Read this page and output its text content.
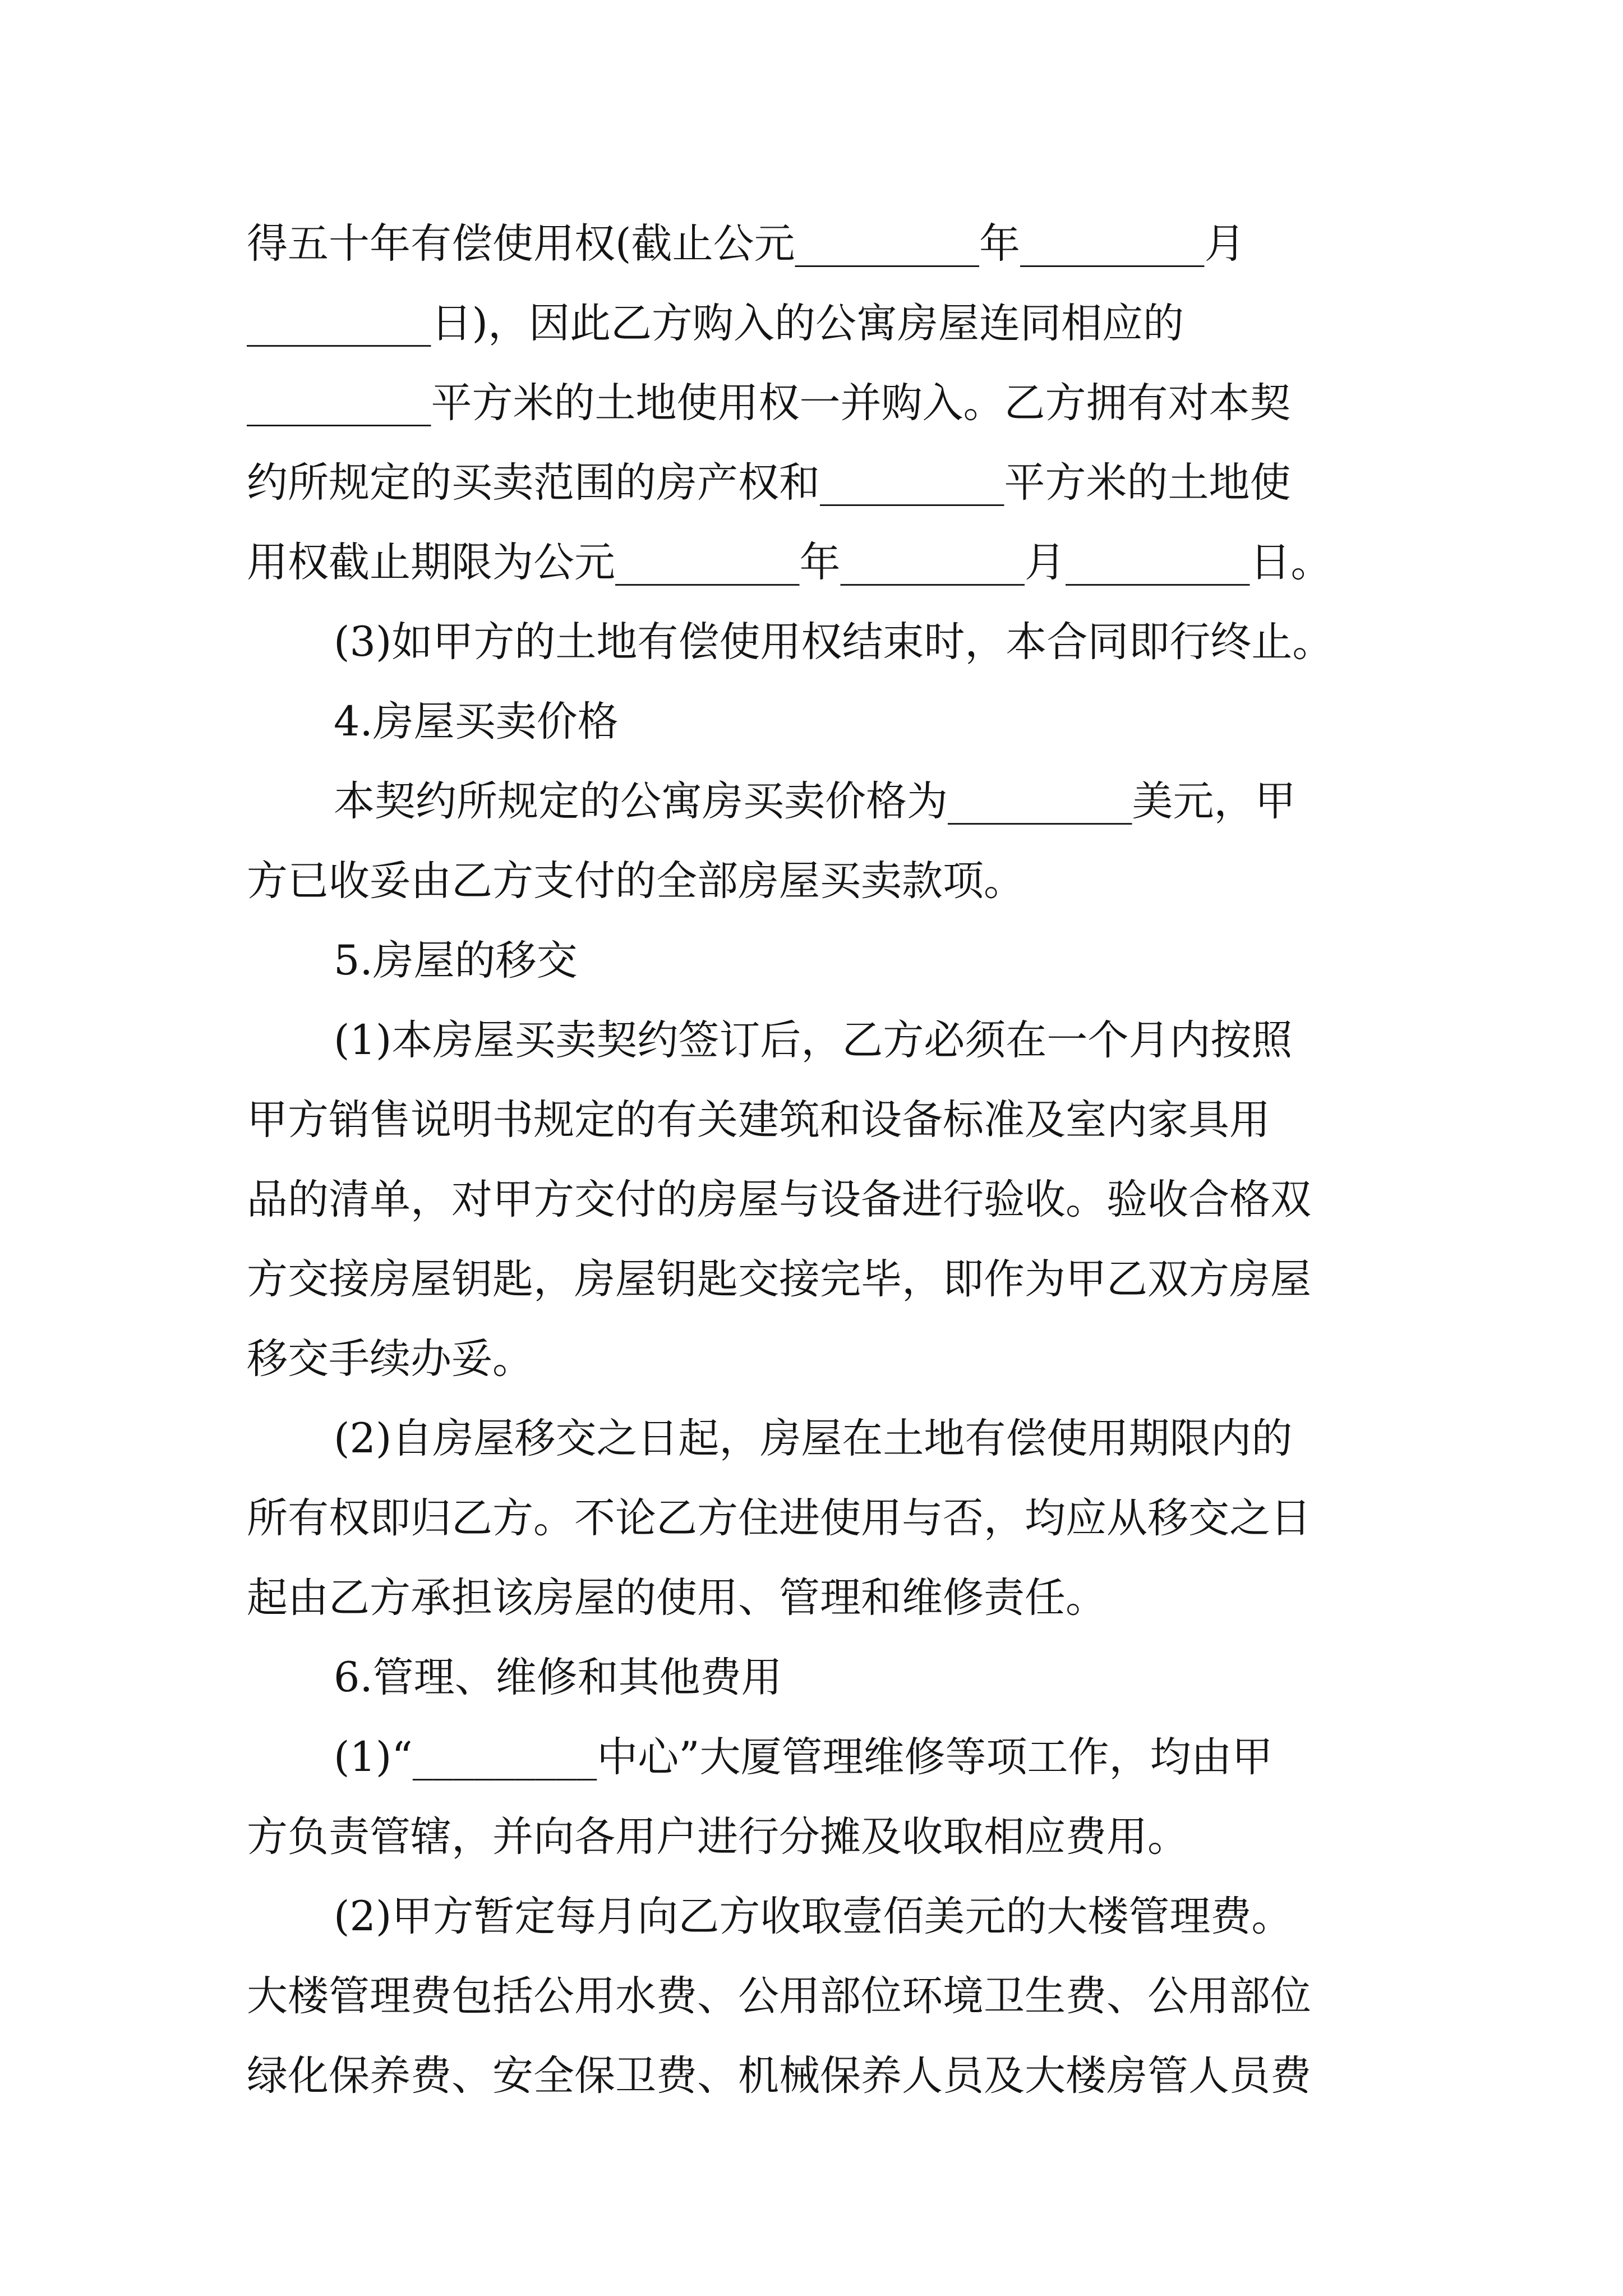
得五十年有偿使用权(截止公元_________年_________月
_________日)，因此乙方购入的公寓房屋连同相应的
_________平方米的土地使用权一并购入。乙方拥有对本契
约所规定的买卖范围的房产权和_________平方米的土地使
用权截止期限为公元_________年_________月_________日。
(3)如甲方的土地有偿使用权结束时，本合同即行终止。
4.房屋买卖价格
本契约所规定的公寓房买卖价格为_________美元，甲
方已收妥由乙方支付的全部房屋买卖款项。
5.房屋的移交
(1)本房屋买卖契约签订后，乙方必须在一个月内按照
甲方销售说明书规定的有关建筑和设备标准及室内家具用
品的清单，对甲方交付的房屋与设备进行验收。验收合格双
方交接房屋钥匙，房屋钥匙交接完毕，即作为甲乙双方房屋
移交手续办妥。
(2)自房屋移交之日起，房屋在土地有偿使用期限内的
所有权即归乙方。不论乙方住进使用与否，均应从移交之日
起由乙方承担该房屋的使用、管理和维修责任。
6.管理、维修和其他费用
(1)“_________中心”大厦管理维修等项工作，均由甲
方负责管辖，并向各用户进行分摊及收取相应费用。
(2)甲方暂定每月向乙方收取壹佰美元的大楼管理费。
大楼管理费包括公用水费、公用部位环境卫生费、公用部位
绿化保养费、安全保卫费、机械保养人员及大楼房管人员费
